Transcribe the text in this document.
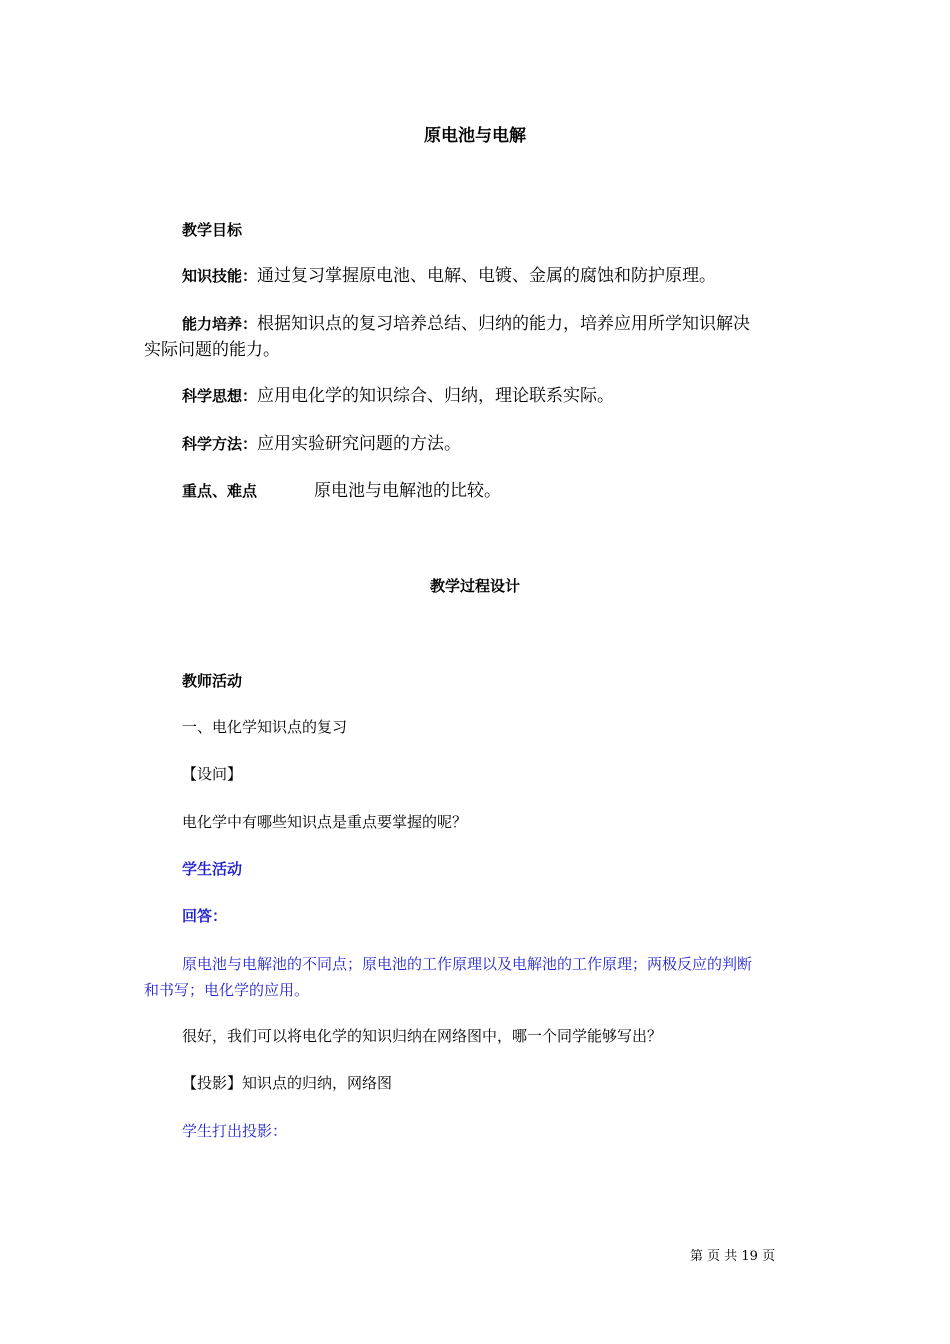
原电池与电解
教学目标
知识技能：通过复习掌握原电池、电解、电镀、金属的腐蚀和防护原理。
能力培养：根据知识点的复习培养总结、归纳的能力，培养应用所学知识解决
实际问题的能力。
科学思想：应用电化学的知识综合、归纳，理论联系实际。
科学方法：应用实验研究问题的方法。
重点、难点	原电池与电解池的比较。
教学过程设计
教师活动
一、电化学知识点的复习
【设问】
电化学中有哪些知识点是重点要掌握的呢？
学生活动
回答：
原电池与电解池的不同点；原电池的工作原理以及电解池的工作原理；两极反应的判断
和书写；电化学的应用。
很好，我们可以将电化学的知识归纳在网络图中，哪一个同学能够写出？
【投影】知识点的归纳，网络图
学生打出投影：
第 页 共 19 页
